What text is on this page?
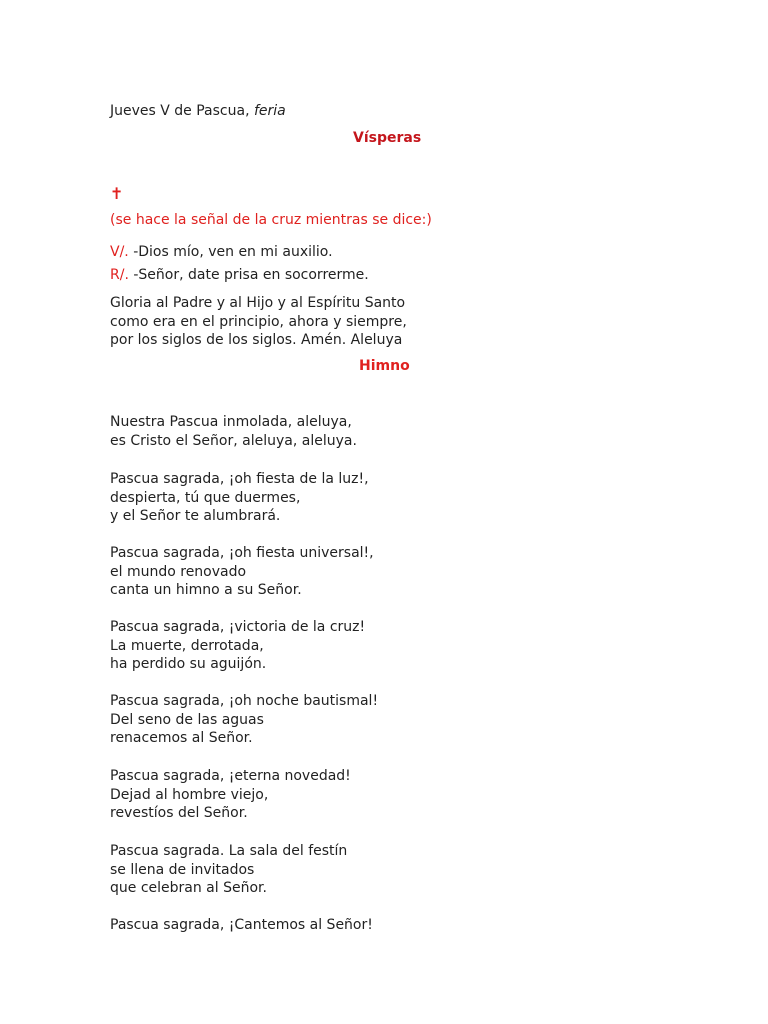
Jueves V de Pascua, feria
Vísperas
✝
(se hace la señal de la cruz mientras se dice:)
V/. -Dios mío, ven en mi auxilio.
R/. -Señor, date prisa en socorrerme.
Gloria al Padre y al Hijo y al Espíritu Santo
como era en el principio, ahora y siempre,
por los siglos de los siglos. Amén. Aleluya
Himno
Nuestra Pascua inmolada, aleluya,
es Cristo el Señor, aleluya, aleluya.
Pascua sagrada, ¡oh fiesta de la luz!,
despierta, tú que duermes,
y el Señor te alumbrará.
Pascua sagrada, ¡oh fiesta universal!,
el mundo renovado
canta un himno a su Señor.
Pascua sagrada, ¡victoria de la cruz!
La muerte, derrotada,
ha perdido su aguijón.
Pascua sagrada, ¡oh noche bautismal!
Del seno de las aguas
renacemos al Señor.
Pascua sagrada, ¡eterna novedad!
Dejad al hombre viejo,
revestíos del Señor.
Pascua sagrada. La sala del festín
se llena de invitados
que celebran al Señor.
Pascua sagrada, ¡Cantemos al Señor!
